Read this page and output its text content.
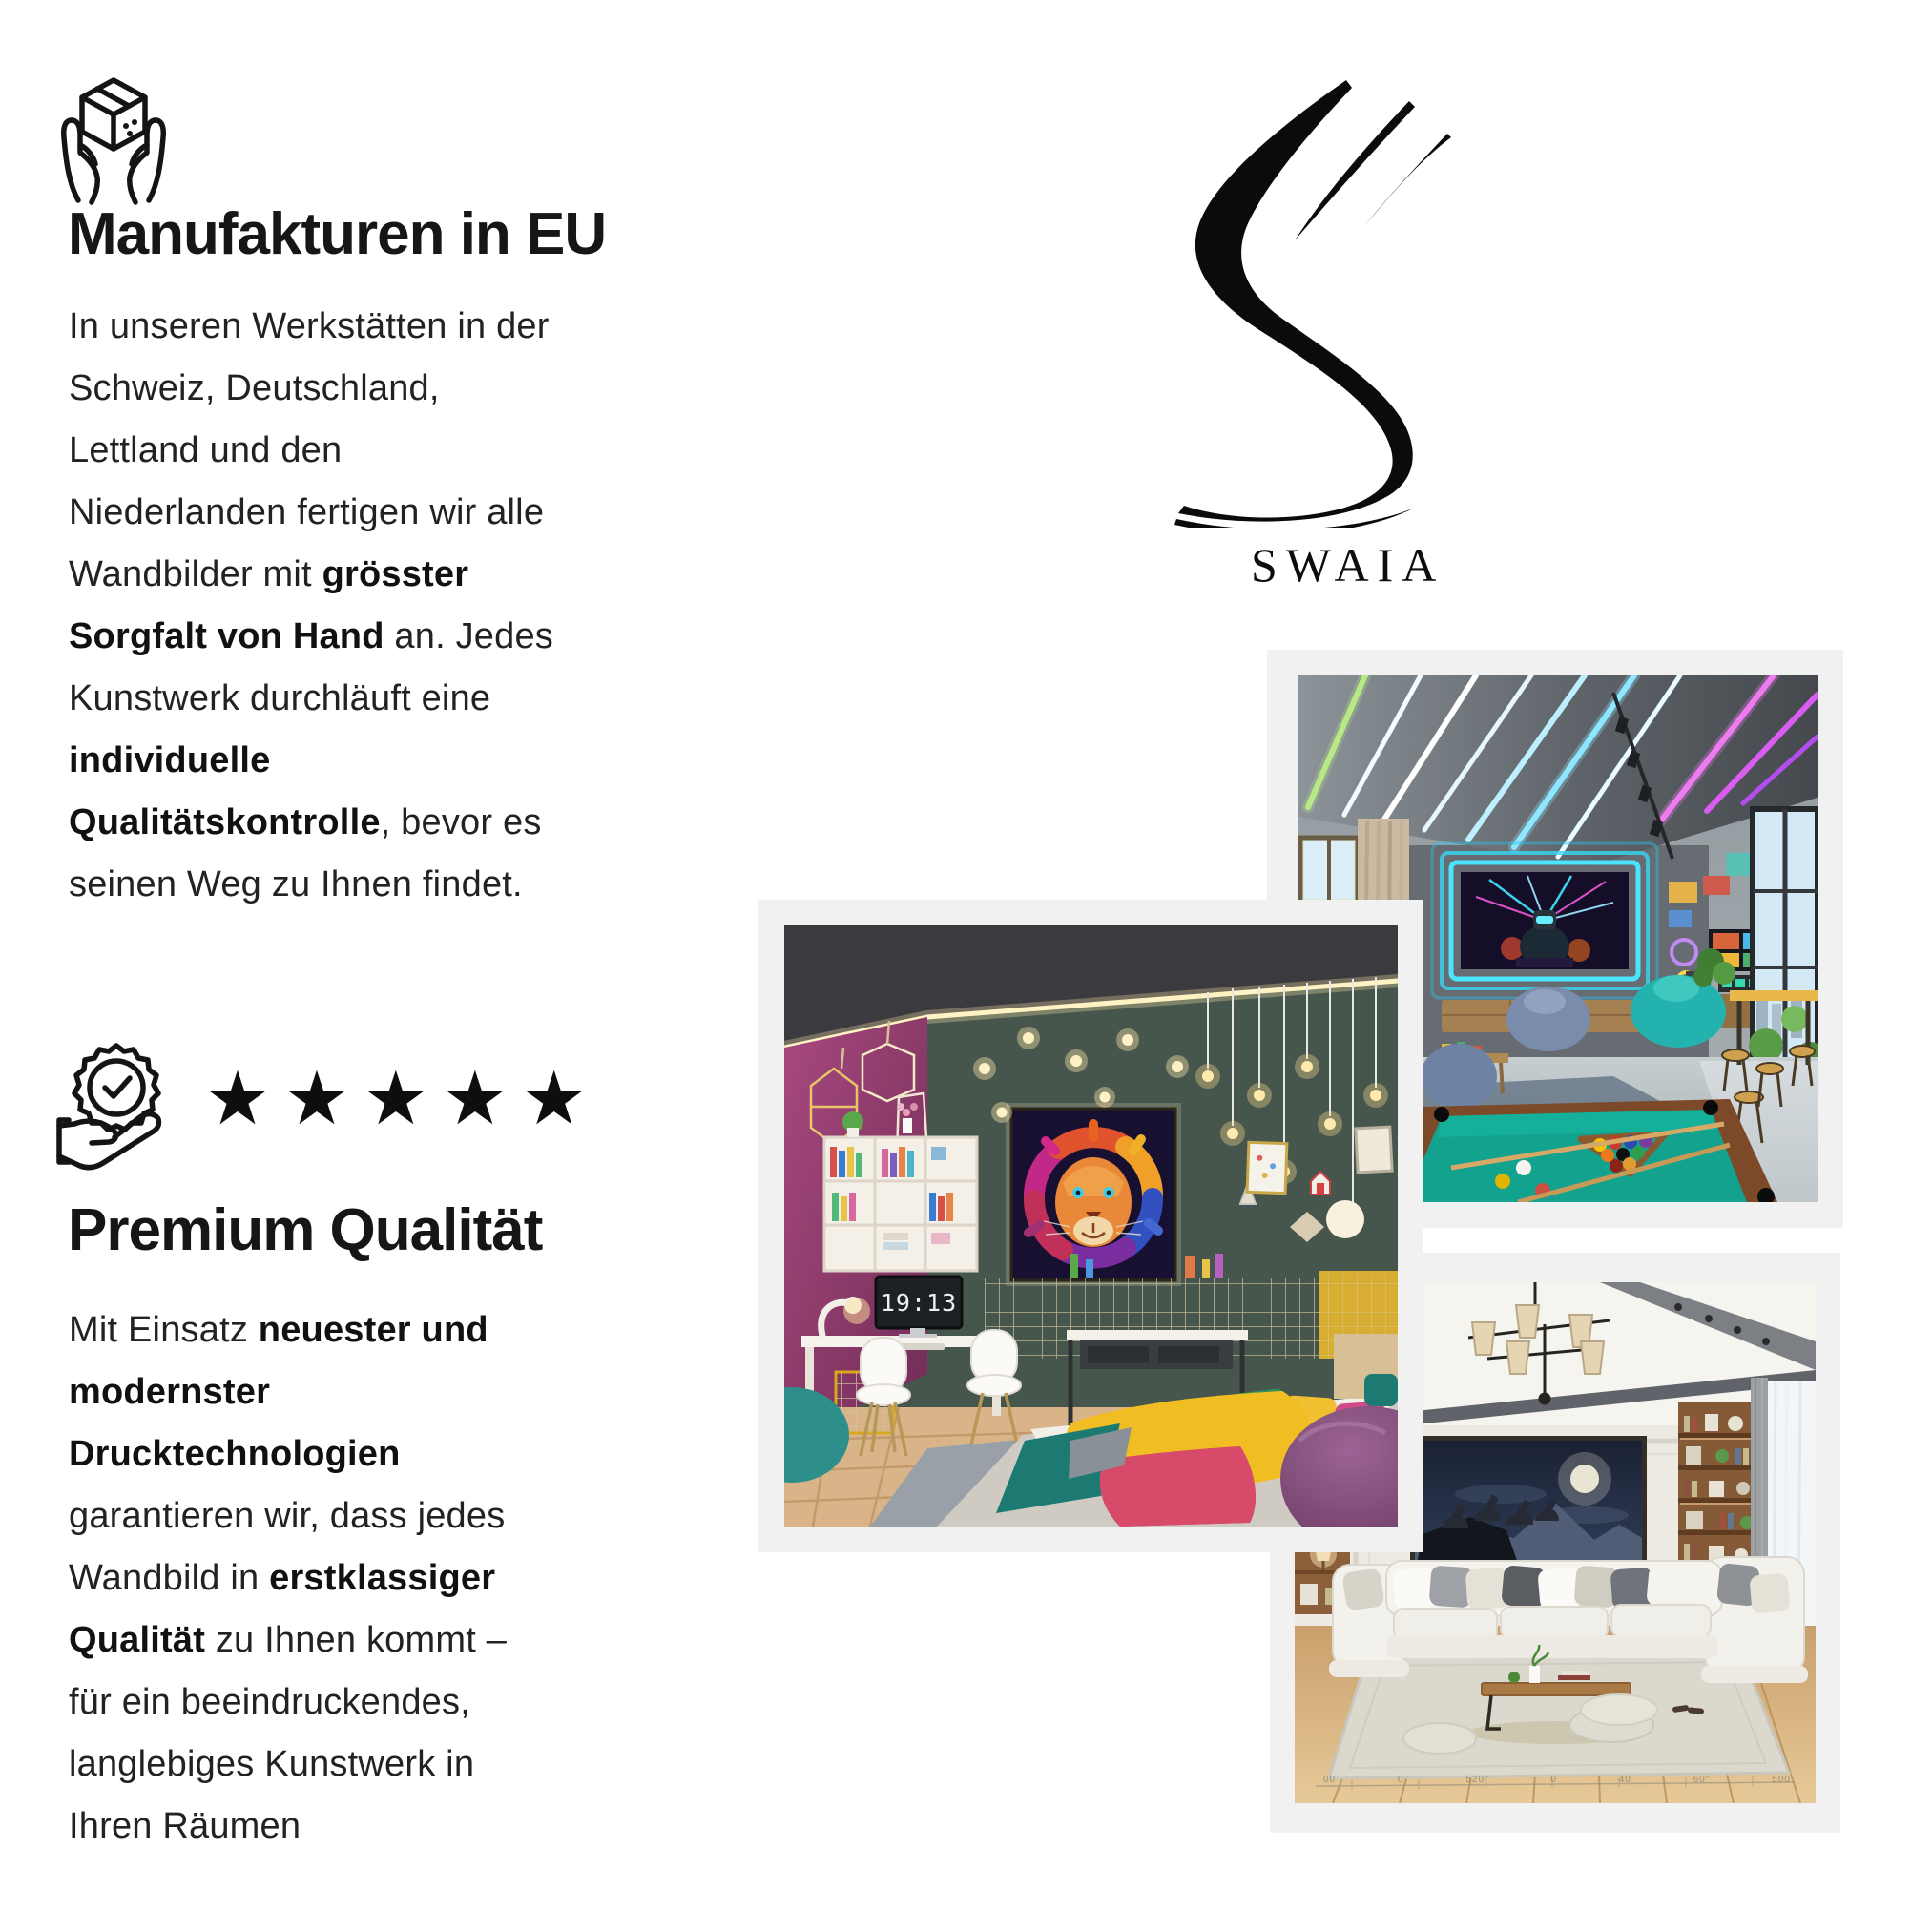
Manufakturen in EU
In unseren Werkstätten in der
Schweiz, Deutschland,
Lettland und den
Niederlanden fertigen wir alle
Wandbilder mit grösster
Sorgfalt von Hand an. Jedes
Kunstwerk durchläuft eine
individuelle
Qualitätskontrolle, bevor es
seinen Weg zu Ihnen findet.
★★★★★
Premium Qualität
Mit Einsatz neuester und
modernster
Drucktechnologien
garantieren wir, dass jedes
Wandbild in erstklassiger
Qualität zu Ihnen kommt –
für ein beeindruckendes,
langlebiges Kunstwerk in
Ihren Räumen
SWAIA
00	0	520"	0	40	60"	500
19:13
